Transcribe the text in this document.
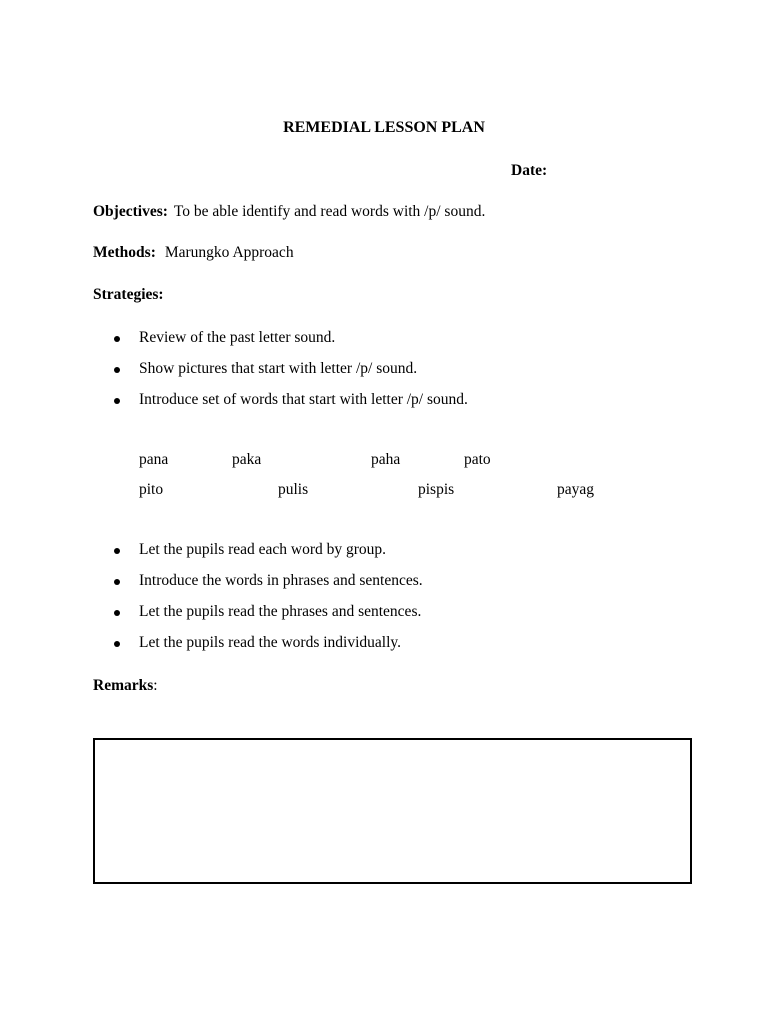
REMEDIAL LESSON PLAN
Date:
Objectives: To be able identify and read words with /p/ sound.
Methods: Marungko Approach
Strategies:
Review of the past letter sound.
Show pictures that start with letter /p/ sound.
Introduce set of words that start with letter /p/ sound.
pana	paka	paha	pato
pito	pulis	pispis	payag
Let the pupils read each word by group.
Introduce the words in phrases and sentences.
Let the pupils read the phrases and sentences.
Let the pupils read the words individually.
Remarks:
